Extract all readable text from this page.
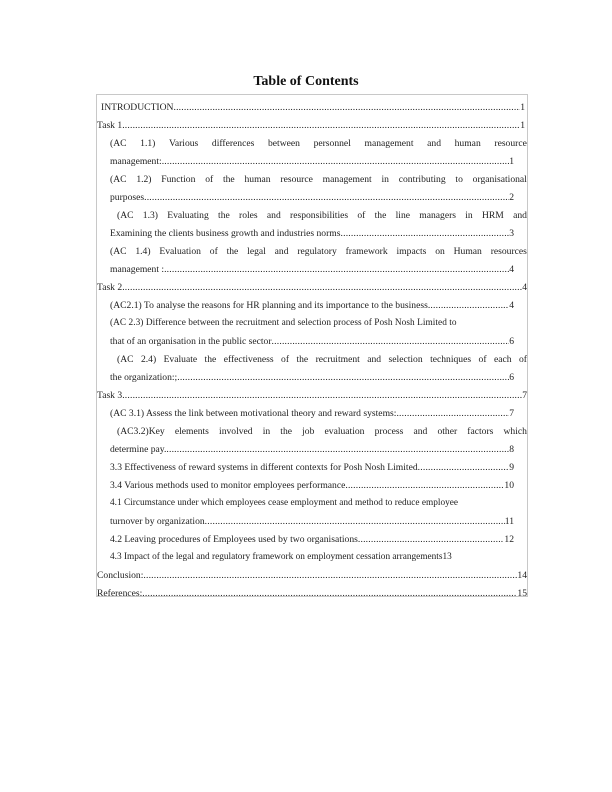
Table of Contents
INTRODUCTION .....	1
Task 1 .....	1
(AC 1.1) Various differences between personnel management and human resource
management: .....	1
(AC 1.2) Function of the human resource management in contributing to organisational
purposes .....	2
(AC 1.3) Evaluating the roles and responsibilities of the line managers in HRM and
Examining the clients business growth and industries norms .....	3
(AC 1.4) Evaluation of the legal and regulatory framework impacts on Human resources
management : .....	4
Task 2 .....	4
(AC2.1) To analyse the reasons for HR planning and its importance to the business .....	4
(AC 2.3) Difference between the recruitment and selection process of Posh Nosh Limited to
that of an organisation in the public sector .....	6
(AC 2.4) Evaluate the effectiveness of the recruitment and selection techniques of each of
the organization:; .....	6
Task 3 .....	7
(AC 3.1) Assess the link between motivational theory and reward systems: .....	7
(AC3.2)Key elements involved in the job evaluation process and other factors which
determine pay. .....	8
3.3 Effectiveness of reward systems in different contexts for Posh Nosh Limited .....	9
3.4 Various methods used to monitor employees performance .....	10
4.1 Circumstance under which employees cease employment and method to reduce employee
turnover by organization .....	11
4.2 Leaving procedures of Employees used by two organisations .....	12
4.3 Impact of the legal and regulatory framework on employment cessation arrangements 13
Conclusion: .....	14
References: .....	15
